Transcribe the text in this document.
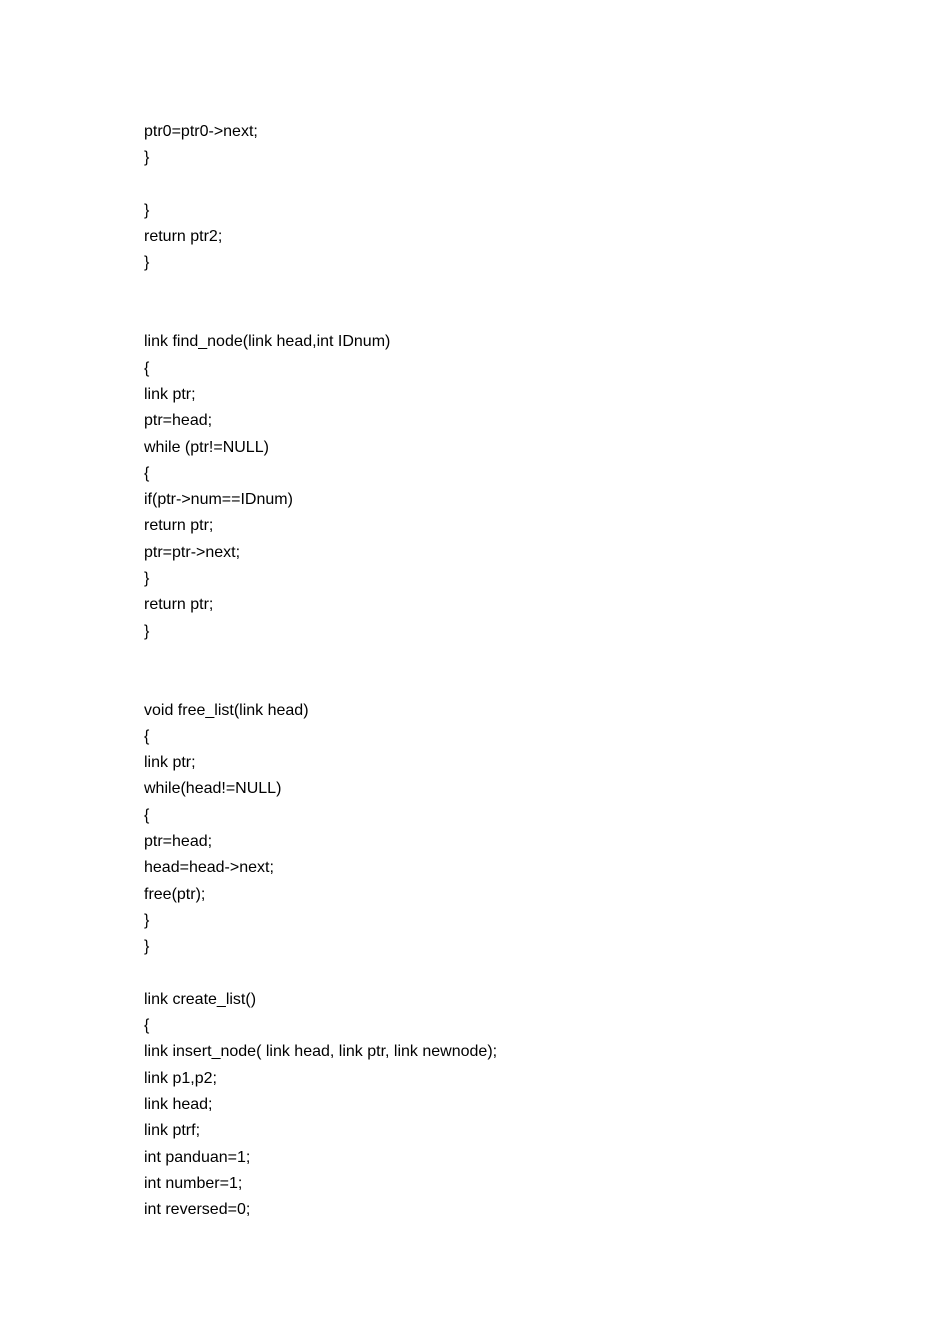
ptr0=ptr0->next;
}
}
return ptr2;
}
link find_node(link head,int IDnum)
{
link ptr;
ptr=head;
while (ptr!=NULL)
{
if(ptr->num==IDnum)
return ptr;
ptr=ptr->next;
}
return ptr;
}
void free_list(link head)
{
link ptr;
while(head!=NULL)
{
ptr=head;
head=head->next;
free(ptr);
}
}
link create_list()
{
link insert_node( link head, link ptr, link newnode);
link p1,p2;
link head;
link ptrf;
int panduan=1;
int number=1;
int reversed=0;
